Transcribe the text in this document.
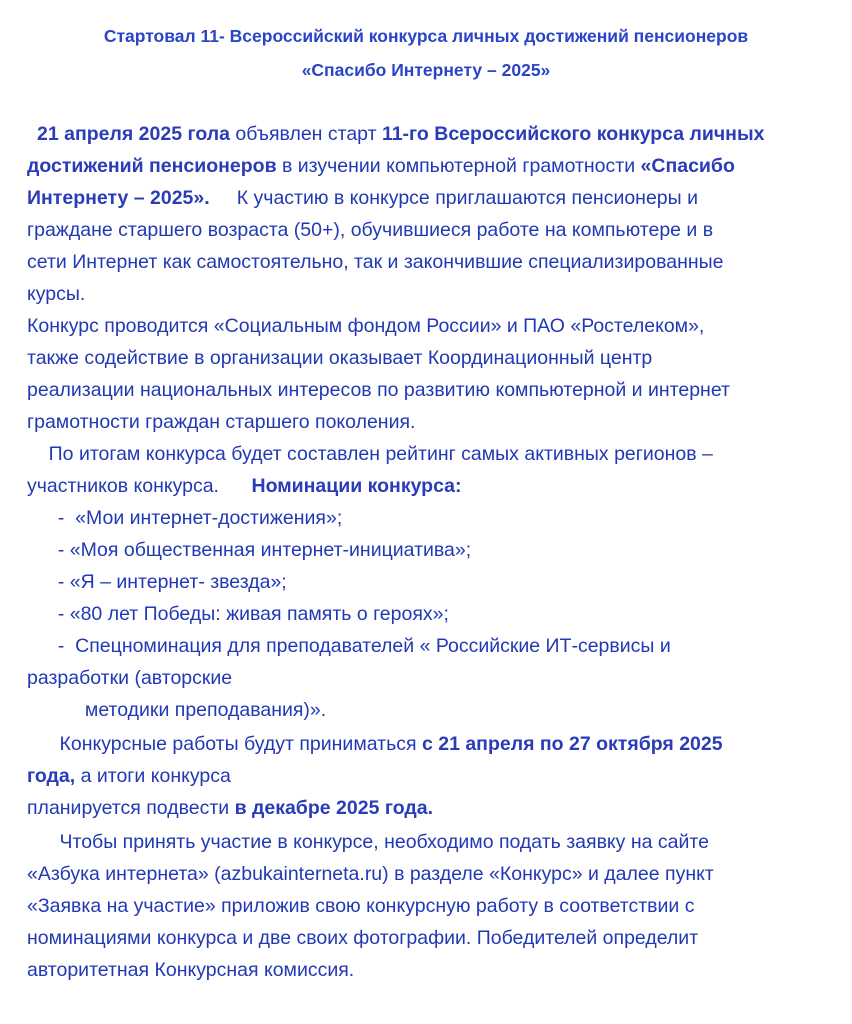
Стартовал 11- Всероссийский конкурса личных достижений пенсионеров
«Спасибо Интернету – 2025»
21 апреля 2025 гола объявлен старт 11-го Всероссийского конкурса личных
достижений пенсионеров в изучении компьютерной грамотности «Спасибо
Интернету – 2025».     К участию в конкурсе приглашаются пенсионеры и
граждане старшего возраста (50+), обучившиеся работе на компьютере и в
сети Интернет как самостоятельно, так и закончившие специализированные
курсы.
Конкурс проводится «Социальным фондом России» и ПАО «Ростелеком»,
также содействие в организации оказывает Координационный центр
реализации национальных интересов по развитию компьютерной и интернет
грамотности граждан старшего поколения.
По итогам конкурса будет составлен рейтинг самых активных регионов –
участников конкурса.      Номинации конкурса:
-  «Мои интернет-достижения»;
- «Моя общественная интернет-инициатива»;
- «Я – интернет- звезда»;
- «80 лет Победы: живая память о героях»;
-  Спецноминация для преподавателей « Российские ИТ-сервисы и
разработки (авторские
методики преподавания)».
Конкурсные работы будут приниматься с 21 апреля по 27 октября 2025
года, а итоги конкурса
планируется подвести в декабре 2025 года.
Чтобы принять участие в конкурсе, необходимо подать заявку на сайте
«Азбука интернета» (azbukainterneta.ru) в разделе «Конкурс» и далее пункт
«Заявка на участие» приложив свою конкурсную работу в соответствии с
номинациями конкурса и две своих фотографии. Победителей определит
авторитетная Конкурсная комиссия.
